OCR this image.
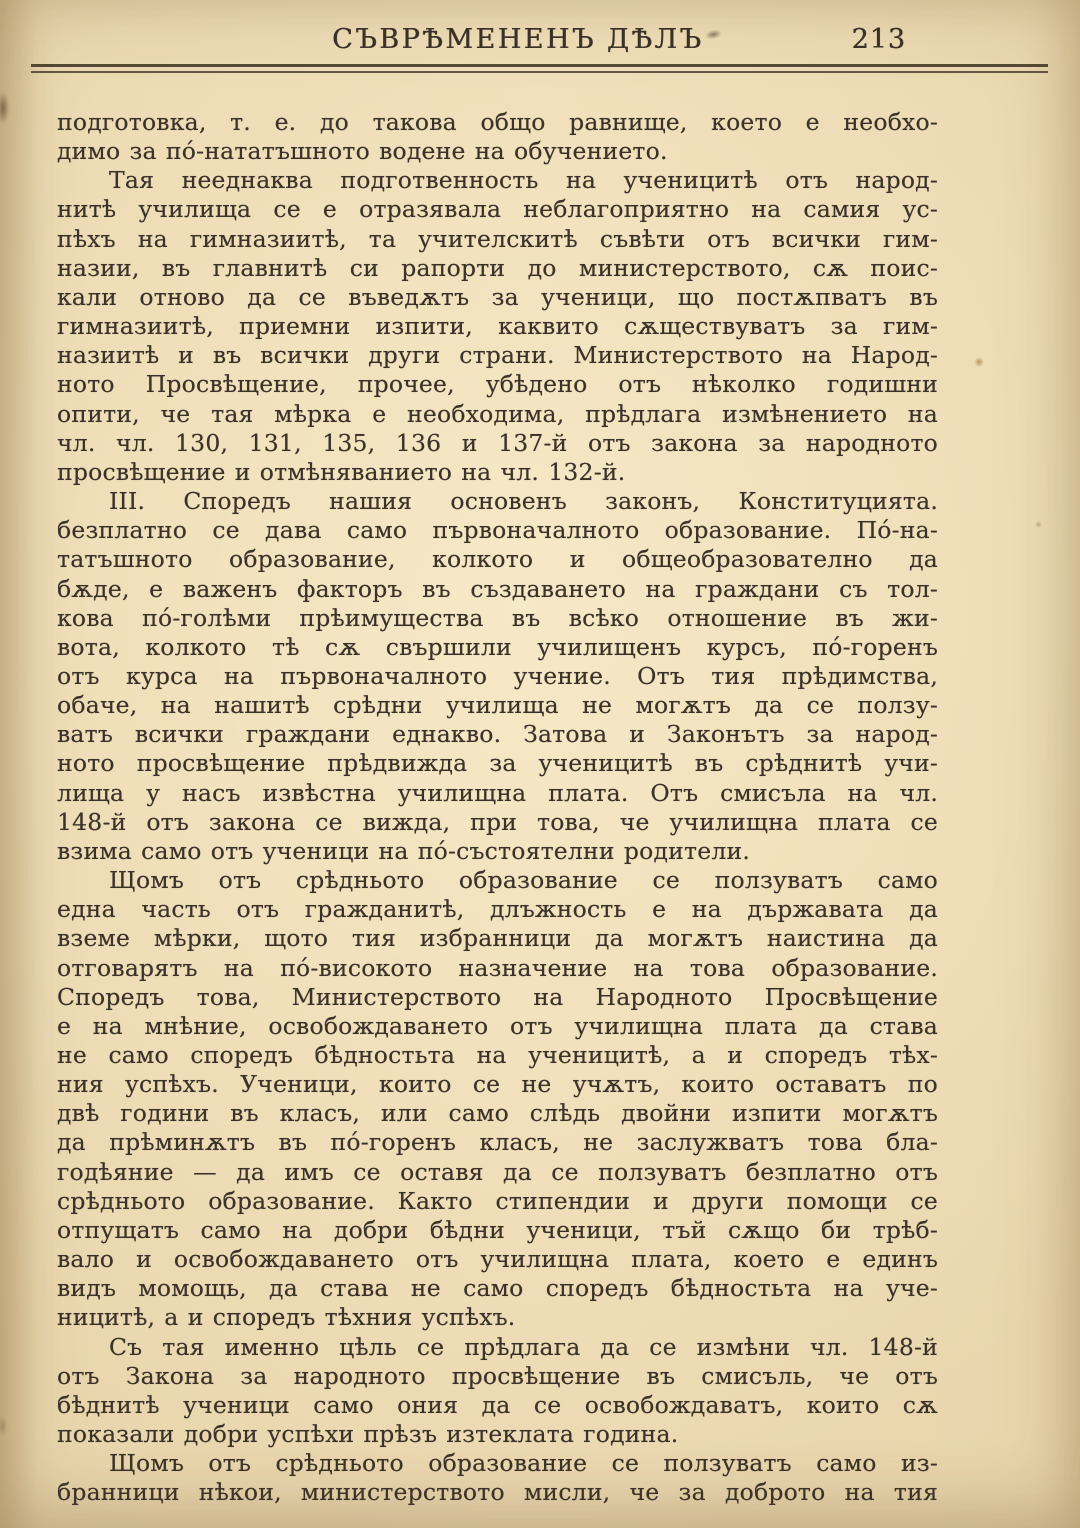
СЪВРѢМЕНЕНЪ ДѢЛЪ	213
подготовка, т. е. до такова общо равнище, което е необхо-
димо за по́-нататъшното водене на обучението.
Тая нееднаква подготвенность на ученицитѣ отъ народ-
нитѣ училища се е отразявала неблагоприятно на самия ус-
пѣхъ на гимназиитѣ, та учителскитѣ съвѣти отъ всички гим-
назии, въ главнитѣ си рапорти до министерството, сѫ поис-
кали отново да се въведѫтъ за ученици, що постѫпватъ въ
гимназиитѣ, приемни изпити, каквито сѫществуватъ за гим-
назиитѣ и въ всички други страни. Министерството на Народ-
ното Просвѣщение, прочее, убѣдено отъ нѣколко годишни
опити, че тая мѣрка е необходима, прѣдлага измѣнението на
чл. чл. 130, 131, 135, 136 и 137-й отъ закона за народното
просвѣщение и отмѣняванието на чл. 132-й.
III. Споредъ нашия основенъ законъ, Конституцията.
безплатно се дава само първоначалното образование. По́-на-
татъшното образование, колкото и общеобразователно да
бѫде, е важенъ факторъ въ създаването на граждани съ тол-
кова по́-голѣми прѣимущества въ всѣко отношение въ жи-
вота, колкото тѣ сѫ свършили училищенъ курсъ, по́-горенъ
отъ курса на първоначалното учение. Отъ тия прѣдимства,
обаче, на нашитѣ срѣдни училища не могѫтъ да се ползу-
ватъ всички граждани еднакво. Затова и Законътъ за народ-
ното просвѣщение прѣдвижда за ученицитѣ въ срѣднитѣ учи-
лища у насъ извѣстна училищна плата. Отъ смисъла на чл.
148-й отъ закона се вижда, при това, че училищна плата се
взима само отъ ученици на по́-състоятелни родители.
Щомъ отъ срѣдньото образование се ползуватъ само
една часть отъ гражданитѣ, длъжность е на държавата да
вземе мѣрки, щото тия избранници да могѫтъ наистина да
отговарятъ на по́-високото назначение на това образование.
Споредъ това, Министерството на Народното Просвѣщение
е на мнѣние, освобождаването отъ училищна плата да става
не само споредъ бѣдностьта на ученицитѣ, а и споредъ тѣх-
ния успѣхъ. Ученици, които се не учѫтъ, които оставатъ по
двѣ години въ класъ, или само слѣдь двойни изпити могѫтъ
да прѣминѫтъ въ по́-горенъ класъ, не заслужватъ това бла-
годѣяние — да имъ се оставя да се ползуватъ безплатно отъ
срѣдньото образование. Както стипендии и други помощи се
отпущатъ само на добри бѣдни ученици, тъй сѫщо би трѣб-
вало и освобождаването отъ училищна плата, което е единъ
видъ момощь, да става не само споредъ бѣдностьта на уче-
ницитѣ, а и споредъ тѣхния успѣхъ.
Съ тая именно цѣль се прѣдлага да се измѣни чл. 148-й
отъ Закона за народното просвѣщение въ смисъль, че отъ
бѣднитѣ ученици само ония да се освобождаватъ, които сѫ
показали добри успѣхи прѣзъ изтеклата година.
Щомъ отъ срѣдньото образование се ползуватъ само из-
бранници нѣкои, министерството мисли, че за доброто на тия
